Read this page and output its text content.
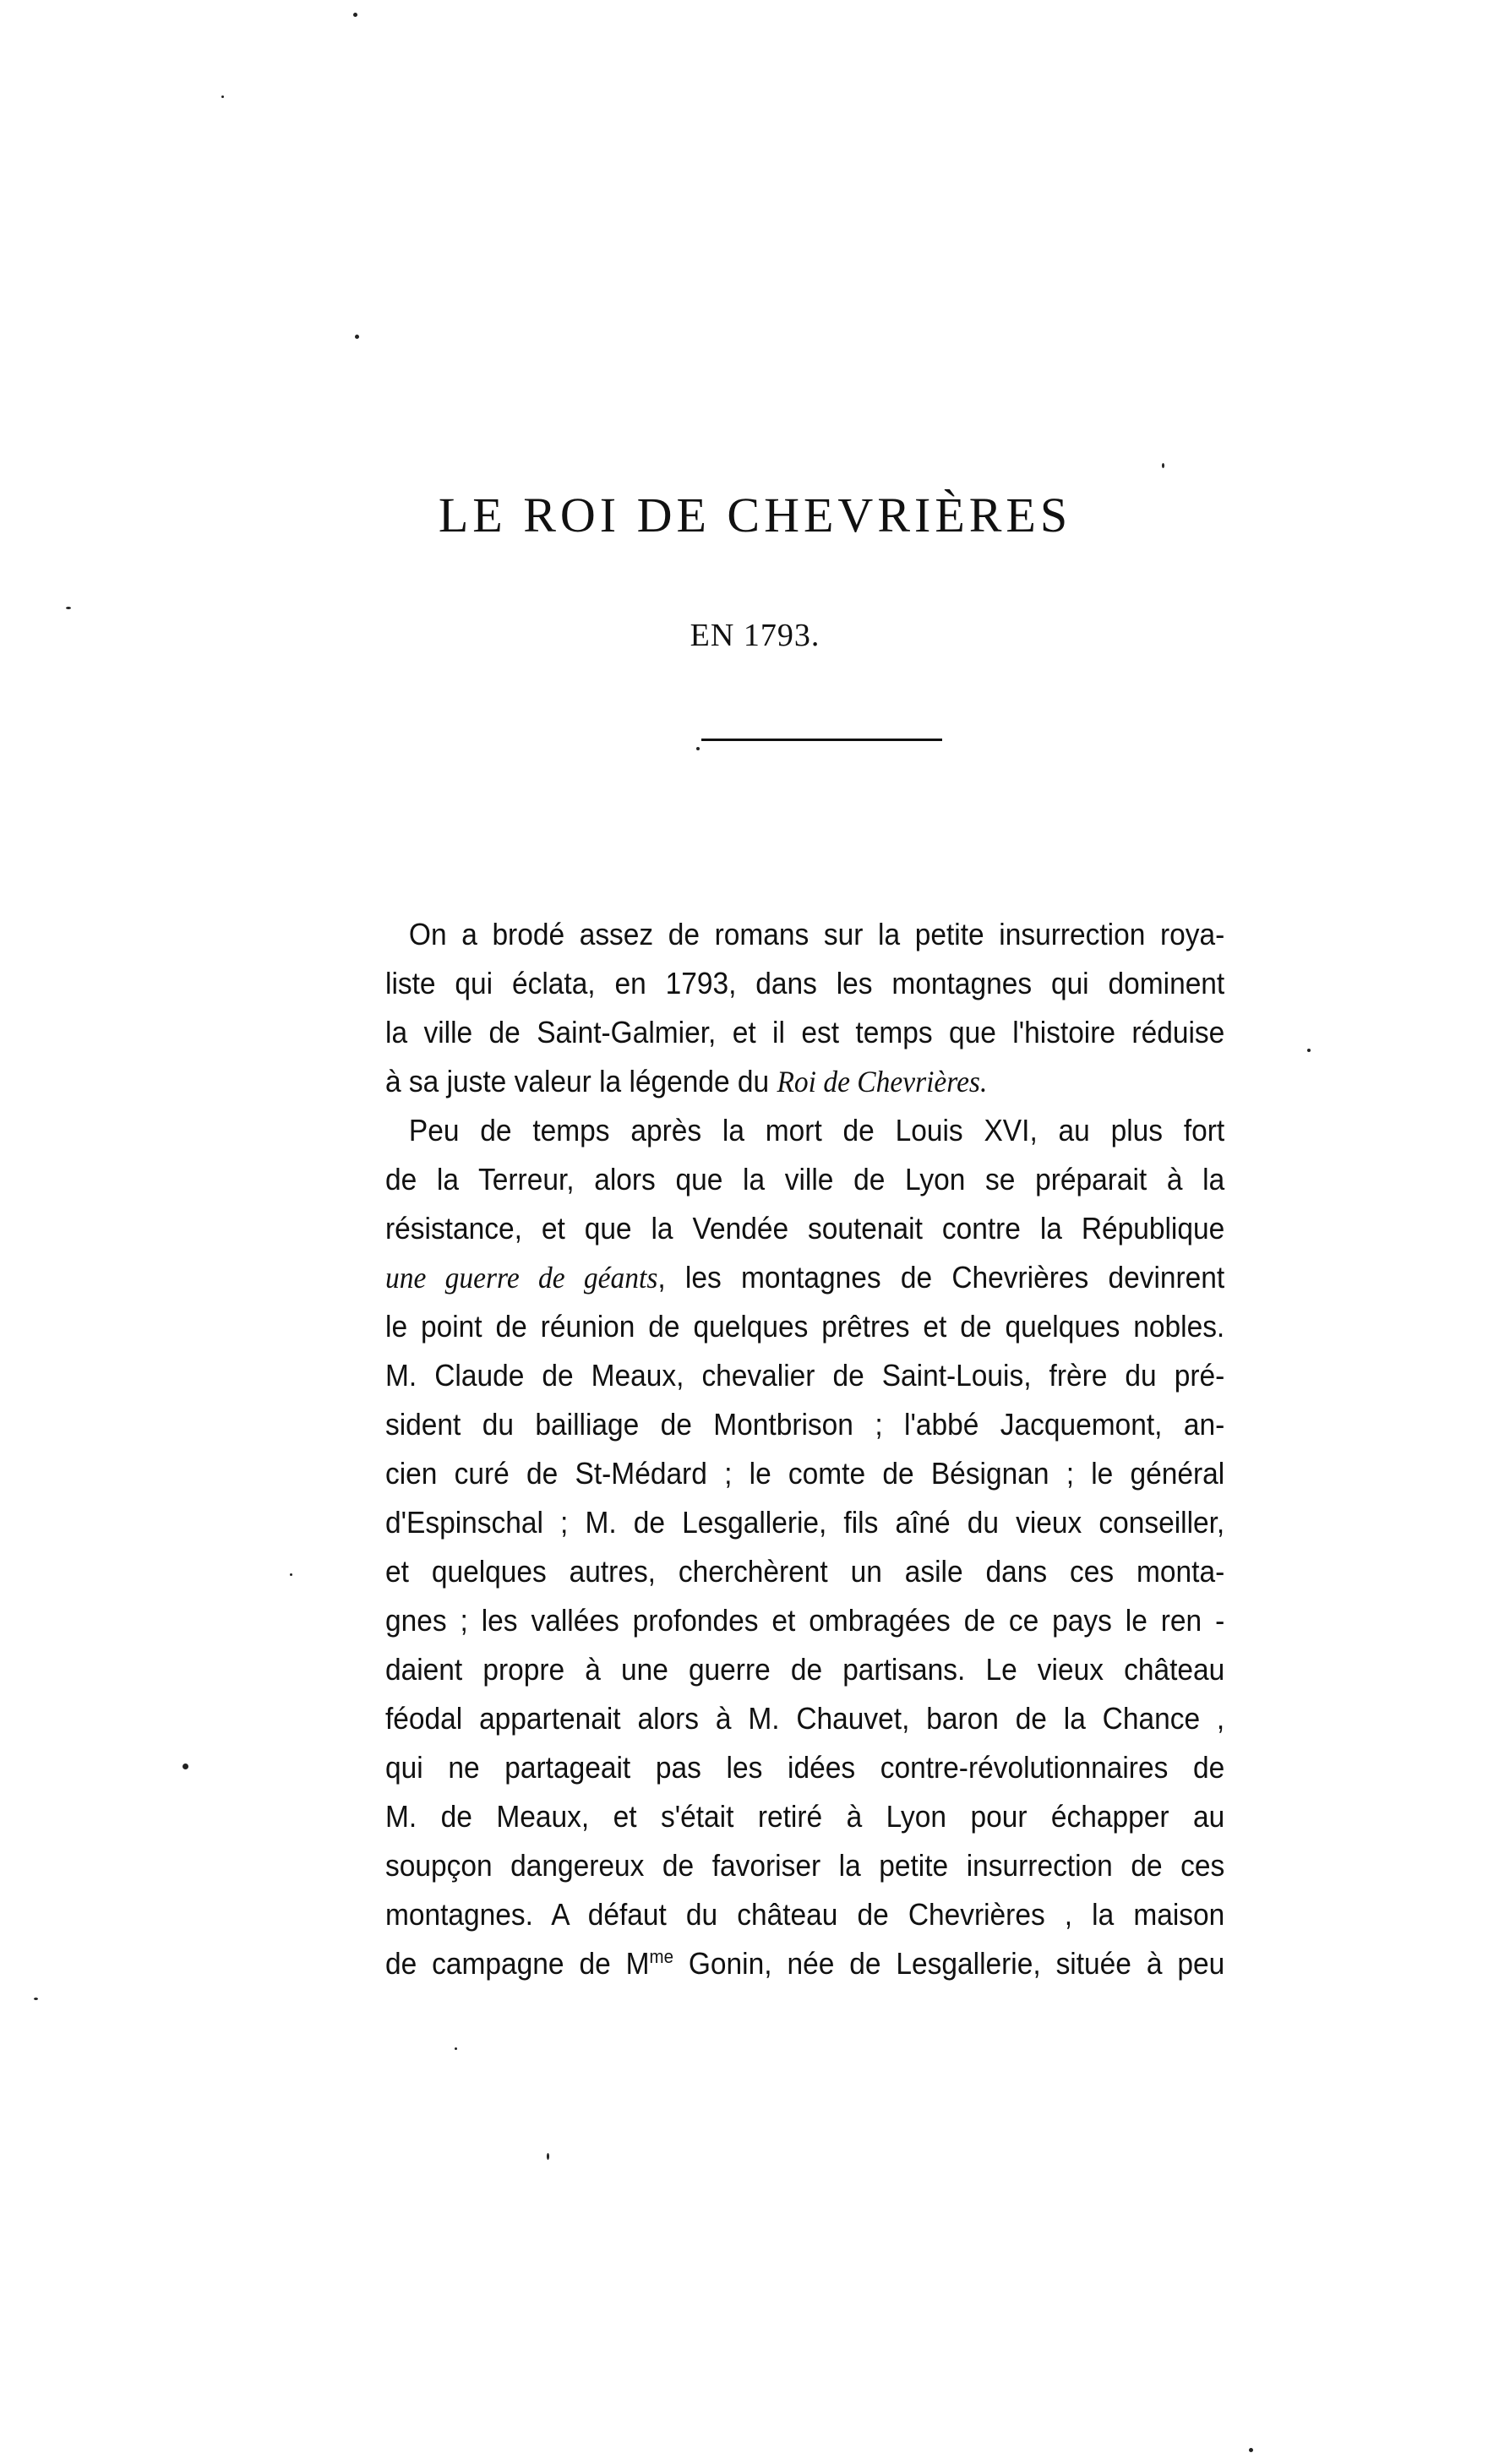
LE ROI DE CHEVRIÈRES
EN 1793.
On a brodé assez de romans sur la petite insurrection roya-
liste qui éclata, en 1793, dans les montagnes qui dominent
la ville de Saint-Galmier, et il est temps que l'histoire réduise
à sa juste valeur la légende du Roi de Chevrières.
Peu de temps après la mort de Louis XVI, au plus fort
de la Terreur, alors que la ville de Lyon se préparait à la
résistance, et que la Vendée soutenait contre la République
une guerre de géants, les montagnes de Chevrières devinrent
le point de réunion de quelques prêtres et de quelques nobles.
M. Claude de Meaux, chevalier de Saint-Louis, frère du pré-
sident du bailliage de Montbrison ; l'abbé Jacquemont, an-
cien curé de St-Médard ; le comte de Bésignan ; le général
d'Espinschal ; M. de Lesgallerie, fils aîné du vieux conseiller,
et quelques autres, cherchèrent un asile dans ces monta-
gnes ; les vallées profondes et ombragées de ce pays le ren -
daient propre à une guerre de partisans. Le vieux château
féodal appartenait alors à M. Chauvet, baron de la Chance ,
qui ne partageait pas les idées contre-révolutionnaires de
M. de Meaux, et s'était retiré à Lyon pour échapper au
soupçon dangereux de favoriser la petite insurrection de ces
montagnes. A défaut du château de Chevrières , la maison
de campagne de $M^{me}$ Gonin, née de Lesgallerie, située à peu
